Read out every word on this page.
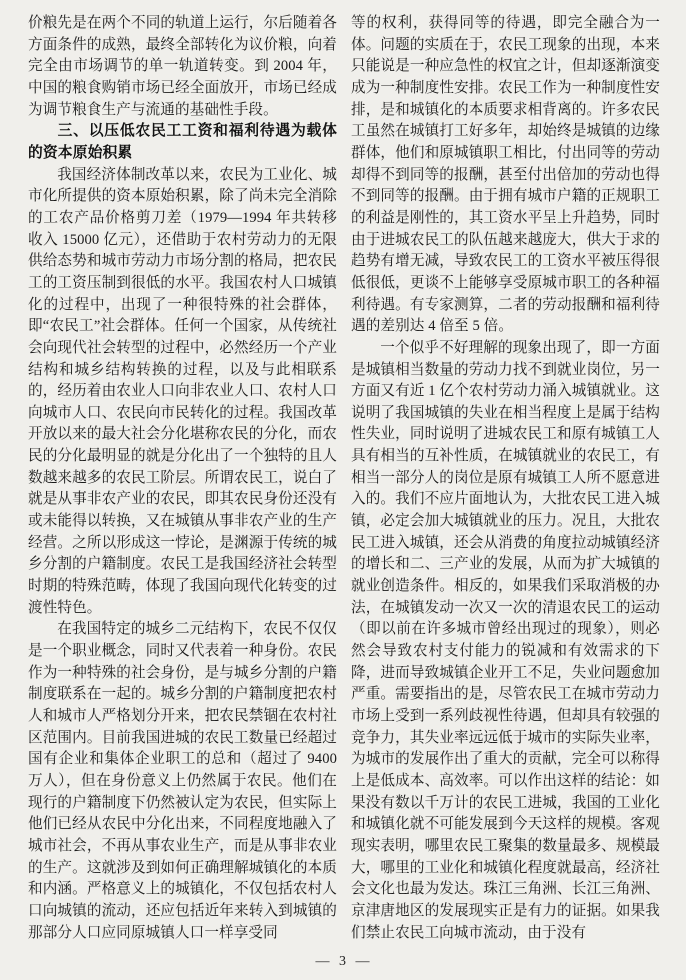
价粮先是在两个不同的轨道上运行，尔后随着各方面条件的成熟，最终全部转化为议价粮，向着完全由市场调节的单一轨道转变。到 2004 年，中国的粮食购销市场已经全面放开，市场已经成为调节粮食生产与流通的基础性手段。

三、以压低农民工工资和福利待遇为载体的资本原始积累

我国经济体制改革以来，农民为工业化、城市化所提供的资本原始积累，除了尚未完全消除的工农产品价格剪刀差（1979—1994 年共转移收入 15000 亿元），还借助于农村劳动力的无限供给态势和城市劳动力市场分割的格局，把农民工的工资压制到很低的水平。我国农村人口城镇化的过程中，出现了一种很特殊的社会群体，即“农民工”社会群体。任何一个国家，从传统社会向现代社会转型的过程中，必然经历一个产业结构和城乡结构转换的过程，以及与此相联系的，经历着由农业人口向非农业人口、农村人口向城市人口、农民向市民转化的过程。我国改革开放以来的最大社会分化堪称农民的分化，而农民的分化最明显的就是分化出了一个独特的且人数越来越多的农民工阶层。所谓农民工，说白了就是从事非农产业的农民，即其农民身份还没有或未能得以转换，又在城镇从事非农产业的生产经营。之所以形成这一悖论，是渊源于传统的城乡分割的户籍制度。农民工是我国经济社会转型时期的特殊范畴，体现了我国向现代化转变的过渡性特色。

在我国特定的城乡二元结构下，农民不仅仅是一个职业概念，同时又代表着一种身份。农民作为一种特殊的社会身份，是与城乡分割的户籍制度联系在一起的。城乡分割的户籍制度把农村人和城市人严格划分开来，把农民禁锢在农村社区范围内。目前我国进城的农民工数量已经超过国有企业和集体企业职工的总和（超过了 9400 万人），但在身份意义上仍然属于农民。他们在现行的户籍制度下仍然被认定为农民，但实际上他们已经从农民中分化出来，不同程度地融入了城市社会，不再从事农业生产，而是从事非农业的生产。这就涉及到如何正确理解城镇化的本质和内涵。严格意义上的城镇化，不仅包括农村人口向城镇的流动，还应包括近年来转入到城镇的那部分人口应同原城镇人口一样享受同

等的权利，获得同等的待遇，即完全融合为一体。问题的实质在于，农民工现象的出现，本来只能说是一种应急性的权宜之计，但却逐渐演变成为一种制度性安排。农民工作为一种制度性安排，是和城镇化的本质要求相背离的。许多农民工虽然在城镇打工好多年，却始终是城镇的边缘群体，他们和原城镇职工相比，付出同等的劳动却得不到同等的报酬，甚至付出倍加的劳动也得不到同等的报酬。由于拥有城市户籍的正规职工的利益是刚性的，其工资水平呈上升趋势，同时由于进城农民工的队伍越来越庞大，供大于求的趋势有增无减，导致农民工的工资水平被压得很低很低，更谈不上能够享受原城市职工的各种福利待遇。有专家测算，二者的劳动报酬和福利待遇的差别达 4 倍至 5 倍。

一个似乎不好理解的现象出现了，即一方面是城镇相当数量的劳动力找不到就业岗位，另一方面又有近 1 亿个农村劳动力涌入城镇就业。这说明了我国城镇的失业在相当程度上是属于结构性失业，同时说明了进城农民工和原有城镇工人具有相当的互补性质，在城镇就业的农民工，有相当一部分人的岗位是原有城镇工人所不愿意进入的。我们不应片面地认为，大批农民工进入城镇，必定会加大城镇就业的压力。况且，大批农民工进入城镇，还会从消费的角度拉动城镇经济的增长和二、三产业的发展，从而为扩大城镇的就业创造条件。相反的，如果我们采取消极的办法，在城镇发动一次又一次的清退农民工的运动（即以前在许多城市曾经出现过的现象），则必然会导致农村支付能力的锐减和有效需求的下降，进而导致城镇企业开工不足，失业问题愈加严重。需要指出的是，尽管农民工在城市劳动力市场上受到一系列歧视性待遇，但却具有较强的竞争力，其失业率远远低于城市的实际失业率，为城市的发展作出了重大的贡献，完全可以称得上是低成本、高效率。可以作出这样的结论：如果没有数以千万计的农民工进城，我国的工业化和城镇化就不可能发展到今天这样的规模。客观现实表明，哪里农民工聚集的数量最多、规模最大，哪里的工业化和城镇化程度就最高，经济社会文化也最为发达。珠江三角洲、长江三角洲、京津唐地区的发展现实正是有力的证据。如果我们禁止农民工向城市流动，由于没有

— 3 —
